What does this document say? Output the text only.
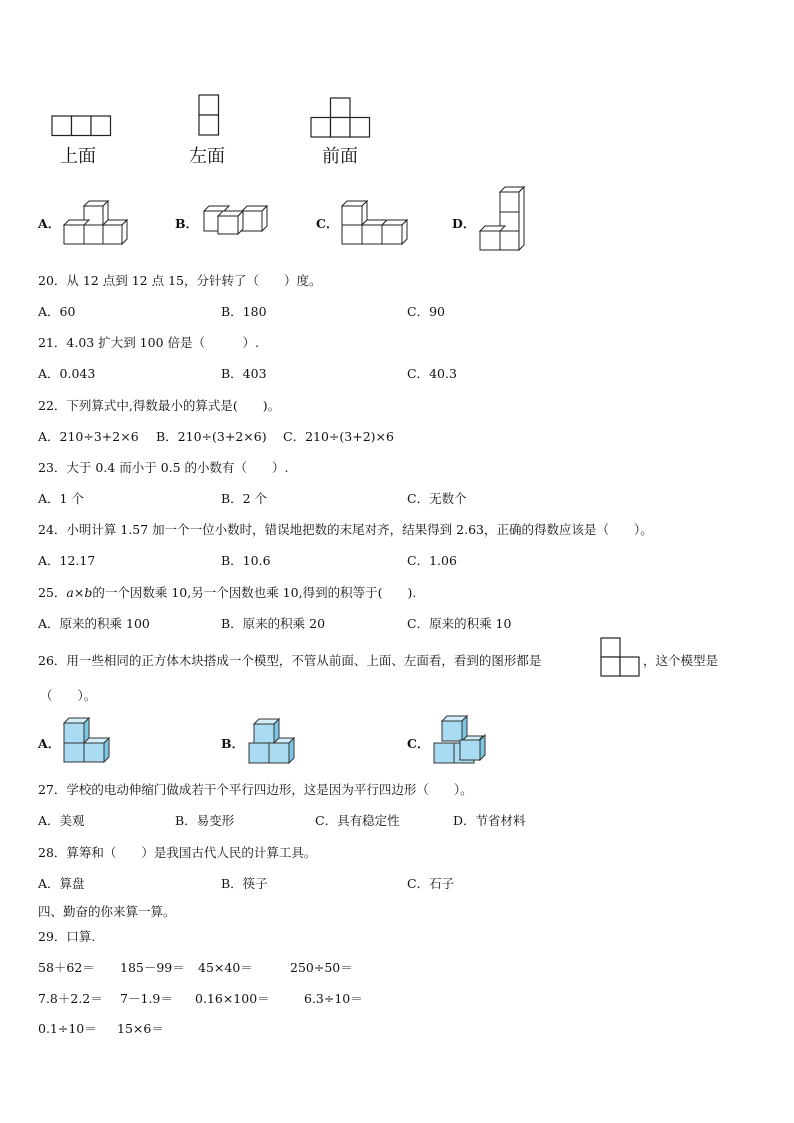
上面	左面	前面
A．	B．	C．	D．
20．从 12 点到 12 点 15，分针转了（　　）度。
A．60	B．180	C．90
21．4.03 扩大到 100 倍是（　　　）.
A．0.043	B．403	C．40.3
22．下列算式中,得数最小的算式是(　　)。
A．210÷3+2×6 B．210÷(3+2×6) C．210÷(3+2)×6
23．大于 0.4 而小于 0.5 的小数有（　　）.
A．1 个	B．2 个	C．无数个
24．小明计算 1.57 加一个一位小数时，错误地把数的末尾对齐，结果得到 2.63，正确的得数应该是（　　）。
A．12.17	B．10.6	C．1.06
25．a×b的一个因数乘 10,另一个因数也乘 10,得到的积等于(　　).
A．原来的积乘 100	B．原来的积乘 20	C．原来的积乘 10
26．用一些相同的正方体木块搭成一个模型，不管从前面、上面、左面看，看到的图形都是	，这个模型是
（　　）。
A．	B．	C．
27．学校的电动伸缩门做成若干个平行四边形，这是因为平行四边形（　　）。
A．美观	B．易变形	C．具有稳定性	D．节省材料
28．算筹和（　　）是我国古代人民的计算工具。
A．算盘	B．筷子	C．石子
四、勤奋的你来算一算。
29．口算.
58＋62＝ 185－99＝ 45×40＝	250÷50＝
7.8＋2.2＝ 7－1.9＝ 0.16×100＝	6.3÷10＝
0.1÷10＝ 15×6＝
